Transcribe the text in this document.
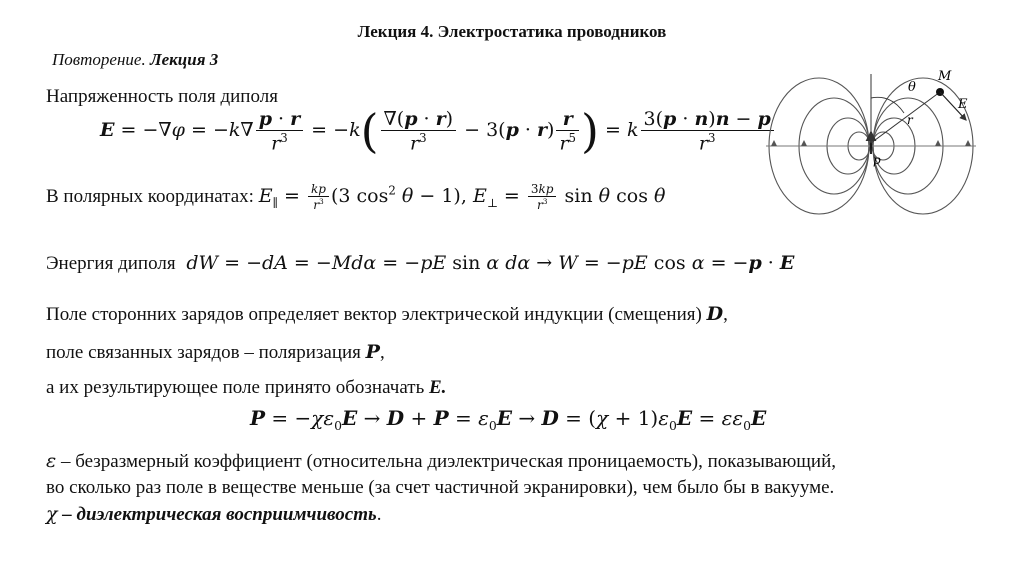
Лекция 4. Электростатика проводников
Повторение. Лекция 3
Напряженность поля диполя
$E = -\nabla\varphi = -k\nabla \frac{p \cdot r}{r^3} = -k( \frac{\nabla(p \cdot r)}{r^3} - 3(p \cdot r) \frac{r}{r^5}$ ) = k $\frac{3(p \cdot n)n - p}{r^3}$
В полярных координатах: $E_\parallel = \frac{kp}{r^3} (3$ $\cos^2 \theta - 1$), $E_\perp = \frac{3kp}{r^3}$ sin θ cos θ
Энергия диполя dW = −dA = −Mdα = −pE sin α dα → W = −pE cos α = −p · E
Поле сторонних зарядов определяет вектор электрической индукции (смещения) D,
поле связанных зарядов – поляризация P,
а их результирующее поле принято обозначать E.
$P = -\chi\varepsilon_0E \to D + P = \varepsilon_0E \to D = (\chi + 1)\varepsilon_0E = \varepsilon\varepsilon_0E$
ε – безразмерный коэффициент (относительна диэлектрическая проницаемость), показывающий,
во сколько раз поле в веществе меньше (за счет частичной экранировки), чем было бы в вакууме.
χ – диэлектрическая восприимчивость.
M
θ
E
r
p
